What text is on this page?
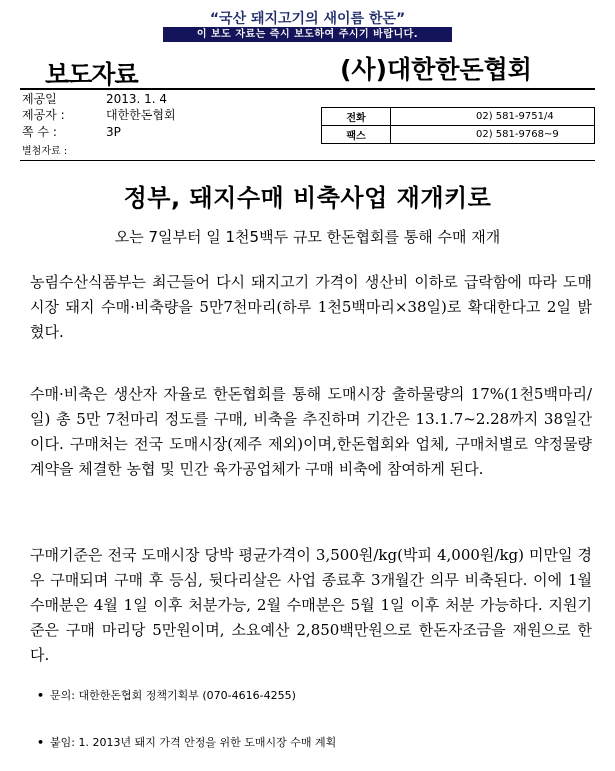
“국산 돼지고기의 새이름 한돈”
이 보도 자료는 즉시 보도하여 주시기 바랍니다.
보도자료	(사)대한한돈협회
제공일	2013. 1. 4
제공자 :	대한한돈협회
쪽 수 :	3P
별첨자료 :
전화	02) 581-9751/4
팩스	02) 581-9768~9
정부, 돼지수매 비축사업 재개키로
오는 7일부터 일 1천5백두 규모 한돈협회를 통해 수매 재개
농림수산식품부는 최근들어 다시 돼지고기 가격이 생산비 이하로 급락함에 따라 도매시장 돼지 수매·비축량을 5만7천마리(하루 1천5백마리×38일)로 확대한다고 2일 밝혔다.
수매·비축은 생산자 자율로 한돈협회를 통해 도매시장 출하물량의 17%(1천5백마리/일) 총 5만 7천마리 정도를 구매, 비축을 추진하며 기간은 13.1.7~2.28까지 38일간이다. 구매처는 전국 도매시장(제주 제외)이며,한돈협회와 업체, 구매처별로 약정물량 계약을 체결한 농협 및 민간 육가공업체가 구매 비축에 참여하게 된다.
구매기준은 전국 도매시장 당박 평균가격이 3,500원/kg(박피 4,000원/kg) 미만일 경우 구매되며 구매 후 등심, 뒷다리살은 사업 종료후 3개월간 의무 비축된다. 이에 1월 수매분은 4월 1일 이후 처분가능, 2월 수매분은 5월 1일 이후 처분 가능하다. 지원기준은 구매 마리당 5만원이며, 소요예산 2,850백만원으로 한돈자조금을 재원으로 한다.
• 문의: 대한한돈협회 정책기획부 (070-4616-4255)
• 붙임: 1. 2013년 돼지 가격 안정을 위한 도매시장 수매 계획
